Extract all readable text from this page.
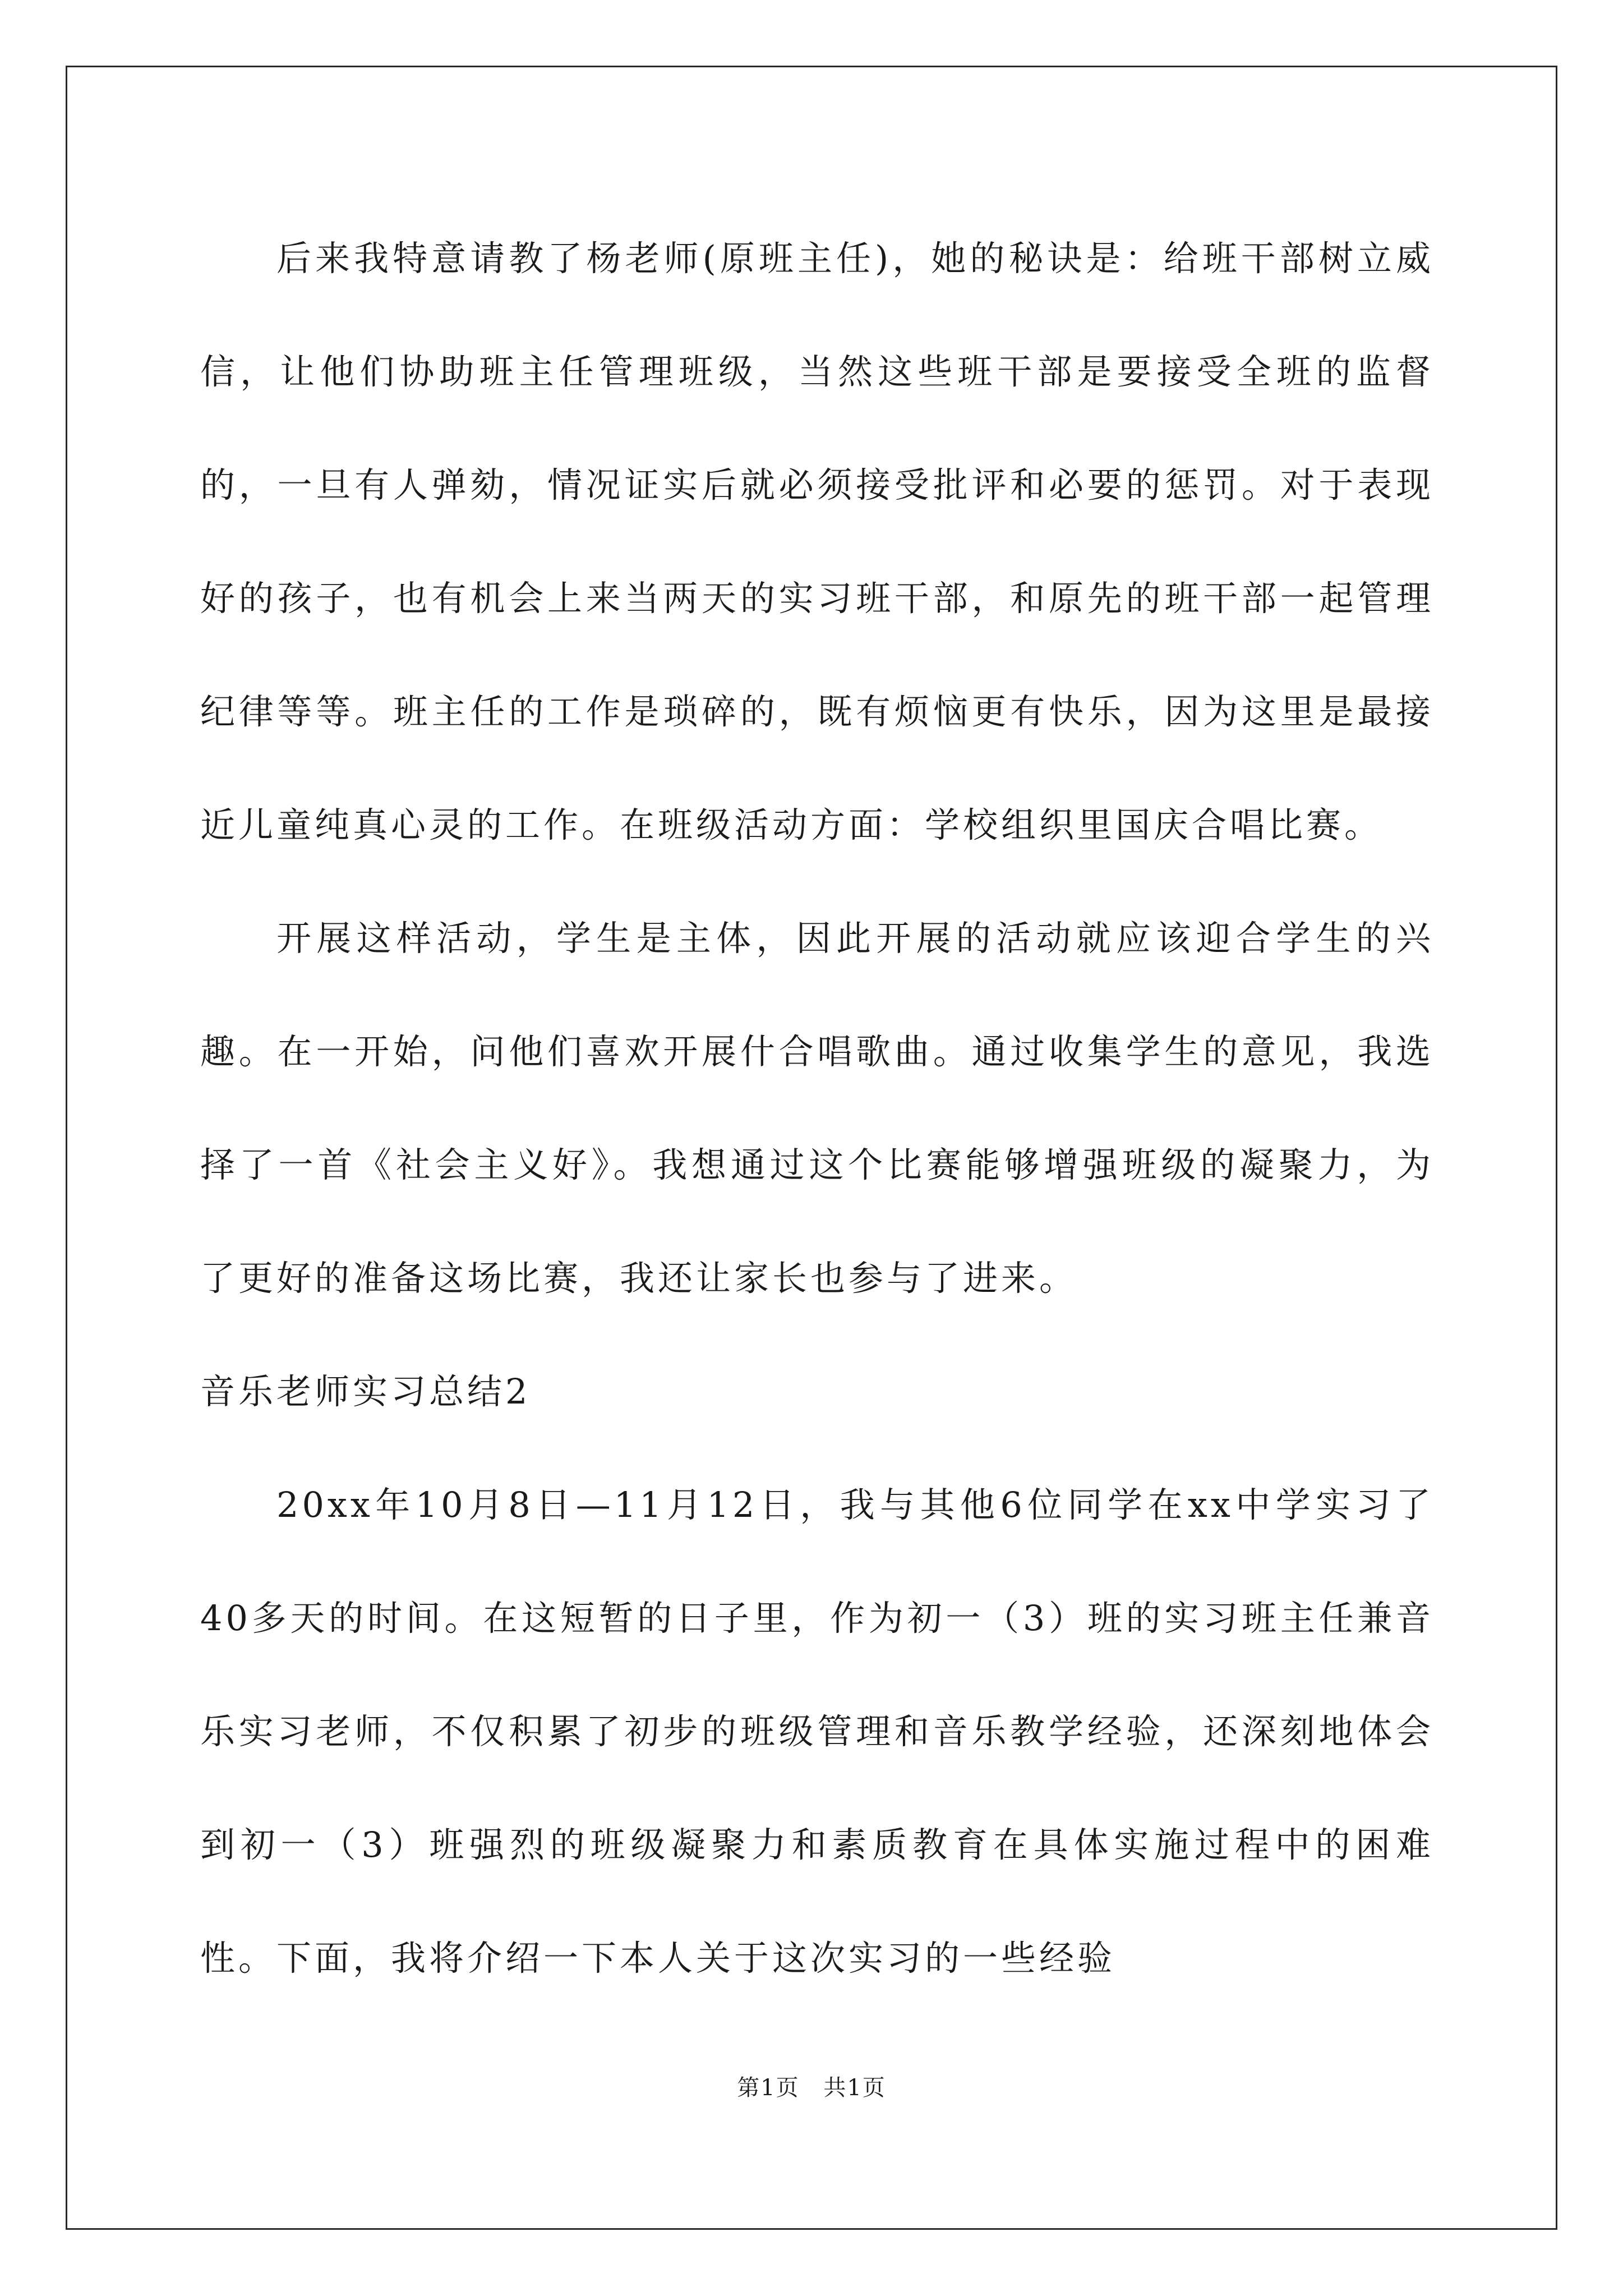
后来我特意请教了杨老师(原班主任)，她的秘诀是：给班干部树立威信，让他们协助班主任管理班级，当然这些班干部是要接受全班的监督的，一旦有人弹劾，情况证实后就必须接受批评和必要的惩罚。对于表现好的孩子，也有机会上来当两天的实习班干部，和原先的班干部一起管理纪律等等。班主任的工作是琐碎的，既有烦恼更有快乐，因为这里是最接近儿童纯真心灵的工作。在班级活动方面：学校组织里国庆合唱比赛。

开展这样活动，学生是主体，因此开展的活动就应该迎合学生的兴趣。在一开始，问他们喜欢开展什合唱歌曲。通过收集学生的意见，我选择了一首《社会主义好》。我想通过这个比赛能够增强班级的凝聚力，为了更好的准备这场比赛，我还让家长也参与了进来。

音乐老师实习总结2

20xx年10月8日—11月12日，我与其他6位同学在xx中学实习了40多天的时间。在这短暂的日子里，作为初一（3）班的实习班主任兼音乐实习老师，不仅积累了初步的班级管理和音乐教学经验，还深刻地体会到初一（3）班强烈的班级凝聚力和素质教育在具体实施过程中的困难性。下面，我将介绍一下本人关于这次实习的一些经验

第1页 共1页
